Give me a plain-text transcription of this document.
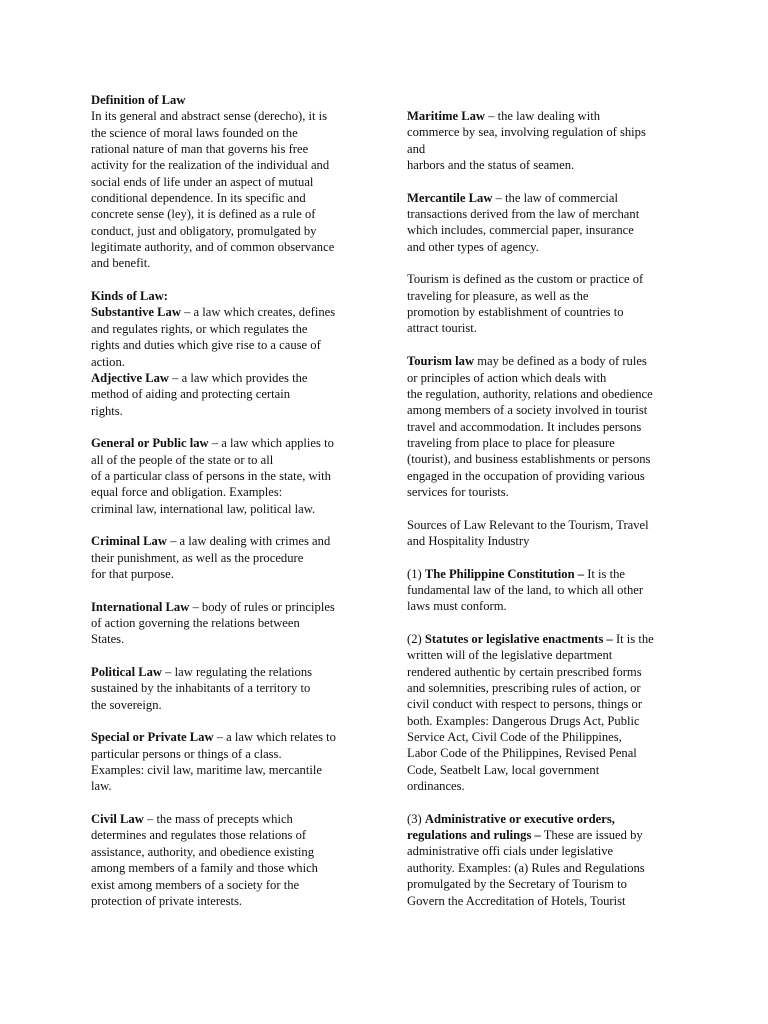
Definition of Law
In its general and abstract sense (derecho), it is
the science of moral laws founded on the
rational nature of man that governs his free
activity for the realization of the individual and
social ends of life under an aspect of mutual
conditional dependence. In its specific and
concrete sense (ley), it is defined as a rule of
conduct, just and obligatory, promulgated by
legitimate authority, and of common observance
and benefit.
Kinds of Law:
Substantive Law – a law which creates, defines
and regulates rights, or which regulates the
rights and duties which give rise to a cause of
action.
Adjective Law – a law which provides the
method of aiding and protecting certain
rights.
General or Public law – a law which applies to
all of the people of the state or to all
of a particular class of persons in the state, with
equal force and obligation. Examples:
criminal law, international law, political law.
Criminal Law – a law dealing with crimes and
their punishment, as well as the procedure
for that purpose.
International Law – body of rules or principles
of action governing the relations between
States.
Political Law – law regulating the relations
sustained by the inhabitants of a territory to
the sovereign.
Special or Private Law – a law which relates to
particular persons or things of a class.
Examples: civil law, maritime law, mercantile
law.
Civil Law – the mass of precepts which
determines and regulates those relations of
assistance, authority, and obedience existing
among members of a family and those which
exist among members of a society for the
protection of private interests.
Maritime Law – the law dealing with
commerce by sea, involving regulation of ships
and
harbors and the status of seamen.
Mercantile Law – the law of commercial
transactions derived from the law of merchant
which includes, commercial paper, insurance
and other types of agency.
Tourism is defined as the custom or practice of
traveling for pleasure, as well as the
promotion by establishment of countries to
attract tourist.
Tourism law may be defined as a body of rules
or principles of action which deals with
the regulation, authority, relations and obedience
among members of a society involved in tourist
travel and accommodation. It includes persons
traveling from place to place for pleasure
(tourist), and business establishments or persons
engaged in the occupation of providing various
services for tourists.
Sources of Law Relevant to the Tourism, Travel
and Hospitality Industry
(1) The Philippine Constitution – It is the
fundamental law of the land, to which all other
laws must conform.
(2) Statutes or legislative enactments – It is the
written will of the legislative department
rendered authentic by certain prescribed forms
and solemnities, prescribing rules of action, or
civil conduct with respect to persons, things or
both. Examples: Dangerous Drugs Act, Public
Service Act, Civil Code of the Philippines,
Labor Code of the Philippines, Revised Penal
Code, Seatbelt Law, local government
ordinances.
(3) Administrative or executive orders,
regulations and rulings – These are issued by
administrative offi cials under legislative
authority. Examples: (a) Rules and Regulations
promulgated by the Secretary of Tourism to
Govern the Accreditation of Hotels, Tourist
